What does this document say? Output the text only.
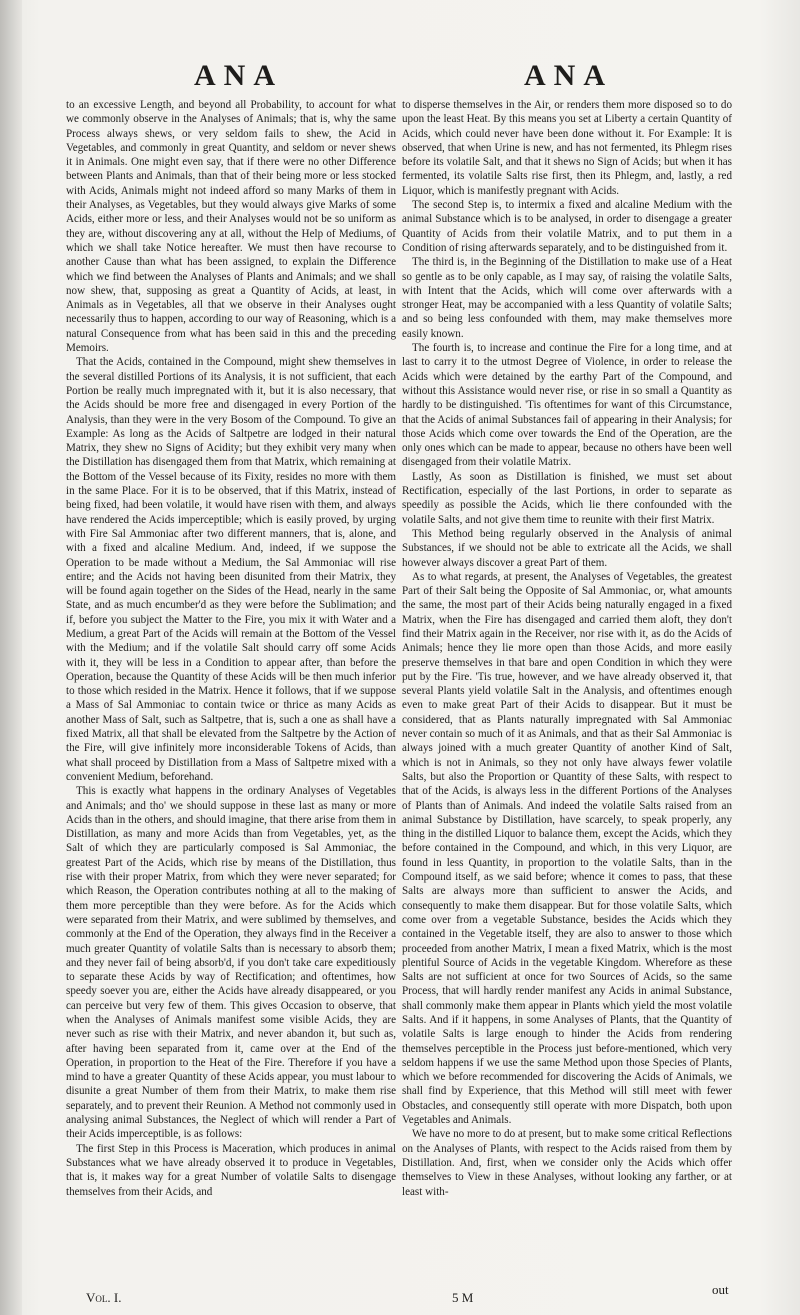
ANA	ANA

to an excessive Length, and beyond all Probability, to account for what we commonly observe in the Analyses of Animals; that is, why the same Process always shews, or very seldom fails to shew, the Acid in Vegetables, and commonly in great Quantity, and seldom or never shews it in Animals. One might even say, that if there were no other Difference between Plants and Animals, than that of their being more or less stocked with Acids, Animals might not indeed afford so many Marks of them in their Analyses, as Vegetables, but they would always give Marks of some Acids, either more or less, and their Analyses would not be so uniform as they are, without discovering any at all, without the Help of Mediums, of which we shall take Notice hereafter. We must then have recourse to another Cause than what has been assigned, to explain the Difference which we find between the Analyses of Plants and Animals; and we shall now shew, that, supposing as great a Quantity of Acids, at least, in Animals as in Vegetables, all that we observe in their Analyses ought necessarily thus to happen, according to our way of Reasoning, which is a natural Consequence from what has been said in this and the preceding Memoirs.

That the Acids, contained in the Compound, might shew themselves in the several distilled Portions of its Analysis, it is not sufficient, that each Portion be really much impregnated with it, but it is also necessary, that the Acids should be more free and disengaged in every Portion of the Analysis, than they were in the very Bosom of the Compound. To give an Example: As long as the Acids of Saltpetre are lodged in their natural Matrix, they shew no Signs of Acidity; but they exhibit very many when the Distillation has disengaged them from that Matrix, which remaining at the Bottom of the Vessel because of its Fixity, resides no more with them in the same Place. For it is to be observed, that if this Matrix, instead of being fixed, had been volatile, it would have risen with them, and always have rendered the Acids imperceptible; which is easily proved, by urging with Fire Sal Ammoniac after two different manners, that is, alone, and with a fixed and alcaline Medium. And, indeed, if we suppose the Operation to be made without a Medium, the Sal Ammoniac will rise entire; and the Acids not having been disunited from their Matrix, they will be found again together on the Sides of the Head, nearly in the same State, and as much encumber'd as they were before the Sublimation; and if, before you subject the Matter to the Fire, you mix it with Water and a Medium, a great Part of the Acids will remain at the Bottom of the Vessel with the Medium; and if the volatile Salt should carry off some Acids with it, they will be less in a Condition to appear after, than before the Operation, because the Quantity of these Acids will be then much inferior to those which resided in the Matrix. Hence it follows, that if we suppose a Mass of Sal Ammoniac to contain twice or thrice as many Acids as another Mass of Salt, such as Saltpetre, that is, such a one as shall have a fixed Matrix, all that shall be elevated from the Saltpetre by the Action of the Fire, will give infinitely more inconsiderable Tokens of Acids, than what shall proceed by Distillation from a Mass of Saltpetre mixed with a convenient Medium, beforehand.

This is exactly what happens in the ordinary Analyses of Vegetables and Animals; and tho' we should suppose in these last as many or more Acids than in the others, and should imagine, that there arise from them in Distillation, as many and more Acids than from Vegetables, yet, as the Salt of which they are particularly composed is Sal Ammoniac, the greatest Part of the Acids, which rise by means of the Distillation, thus rise with their proper Matrix, from which they were never separated; for which Reason, the Operation contributes nothing at all to the making of them more perceptible than they were before. As for the Acids which were separated from their Matrix, and were sublimed by themselves, and commonly at the End of the Operation, they always find in the Receiver a much greater Quantity of volatile Salts than is necessary to absorb them; and they never fail of being absorb'd, if you don't take care expeditiously to separate these Acids by way of Rectification; and oftentimes, how speedy soever you are, either the Acids have already disappeared, or you can perceive but very few of them. This gives Occasion to observe, that when the Analyses of Animals manifest some visible Acids, they are never such as rise with their Matrix, and never abandon it, but such as, after having been separated from it, came over at the End of the Operation, in proportion to the Heat of the Fire. Therefore if you have a mind to have a greater Quantity of these Acids appear, you must labour to disunite a great Number of them from their Matrix, to make them rise separately, and to prevent their Reunion. A Method not commonly used in analysing animal Substances, the Neglect of which will render a Part of their Acids imperceptible, is as follows:

The first Step in this Process is Maceration, which produces in animal Substances what we have already observed it to produce in Vegetables, that is, it makes way for a great Number of volatile Salts to disengage themselves from their Acids, and

to disperse themselves in the Air, or renders them more disposed so to do upon the least Heat. By this means you set at Liberty a certain Quantity of Acids, which could never have been done without it. For Example: It is observed, that when Urine is new, and has not fermented, its Phlegm rises before its volatile Salt, and that it shews no Sign of Acids; but when it has fermented, its volatile Salts rise first, then its Phlegm, and, lastly, a red Liquor, which is manifestly pregnant with Acids.

The second Step is, to intermix a fixed and alcaline Medium with the animal Substance which is to be analysed, in order to disengage a greater Quantity of Acids from their volatile Matrix, and to put them in a Condition of rising afterwards separately, and to be distinguished from it.

The third is, in the Beginning of the Distillation to make use of a Heat so gentle as to be only capable, as I may say, of raising the volatile Salts, with Intent that the Acids, which will come over afterwards with a stronger Heat, may be accompanied with a less Quantity of volatile Salts; and so being less confounded with them, may make themselves more easily known.

The fourth is, to increase and continue the Fire for a long time, and at last to carry it to the utmost Degree of Violence, in order to release the Acids which were detained by the earthy Part of the Compound, and without this Assistance would never rise, or rise in so small a Quantity as hardly to be distinguished. 'Tis oftentimes for want of this Circumstance, that the Acids of animal Substances fail of appearing in their Analysis; for those Acids which come over towards the End of the Operation, are the only ones which can be made to appear, because no others have been well disengaged from their volatile Matrix.

Lastly, As soon as Distillation is finished, we must set about Rectification, especially of the last Portions, in order to separate as speedily as possible the Acids, which lie there confounded with the volatile Salts, and not give them time to reunite with their first Matrix.

This Method being regularly observed in the Analysis of animal Substances, if we should not be able to extricate all the Acids, we shall however always discover a great Part of them.

As to what regards, at present, the Analyses of Vegetables, the greatest Part of their Salt being the Opposite of Sal Ammoniac, or, what amounts the same, the most part of their Acids being naturally engaged in a fixed Matrix, when the Fire has disengaged and carried them aloft, they don't find their Matrix again in the Receiver, nor rise with it, as do the Acids of Animals; hence they lie more open than those Acids, and more easily preserve themselves in that bare and open Condition in which they were put by the Fire. 'Tis true, however, and we have already observed it, that several Plants yield volatile Salt in the Analysis, and oftentimes enough even to make great Part of their Acids to disappear. But it must be considered, that as Plants naturally impregnated with Sal Ammoniac never contain so much of it as Animals, and that as their Sal Ammoniac is always joined with a much greater Quantity of another Kind of Salt, which is not in Animals, so they not only have always fewer volatile Salts, but also the Proportion or Quantity of these Salts, with respect to that of the Acids, is always less in the different Portions of the Analyses of Plants than of Animals. And indeed the volatile Salts raised from an animal Substance by Distillation, have scarcely, to speak properly, any thing in the distilled Liquor to balance them, except the Acids, which they before contained in the Compound, and which, in this very Liquor, are found in less Quantity, in proportion to the volatile Salts, than in the Compound itself, as we said before; whence it comes to pass, that these Salts are always more than sufficient to answer the Acids, and consequently to make them disappear. But for those volatile Salts, which come over from a vegetable Substance, besides the Acids which they contained in the Vegetable itself, they are also to answer to those which proceeded from another Matrix, I mean a fixed Matrix, which is the most plentiful Source of Acids in the vegetable Kingdom. Wherefore as these Salts are not sufficient at once for two Sources of Acids, so the same Process, that will hardly render manifest any Acids in animal Substance, shall commonly make them appear in Plants which yield the most volatile Salts. And if it happens, in some Analyses of Plants, that the Quantity of volatile Salts is large enough to hinder the Acids from rendering themselves perceptible in the Process just before-mentioned, which very seldom happens if we use the same Method upon those Species of Plants, which we before recommended for discovering the Acids of Animals, we shall find by Experience, that this Method will still meet with fewer Obstacles, and consequently still operate with more Dispatch, both upon Vegetables and Animals.

We have no more to do at present, but to make some critical Reflections on the Analyses of Plants, with respect to the Acids raised from them by Distillation. And, first, when we consider only the Acids which offer themselves to View in these Analyses, without looking any farther, or at least with-

Vol. I.	5 M
out
